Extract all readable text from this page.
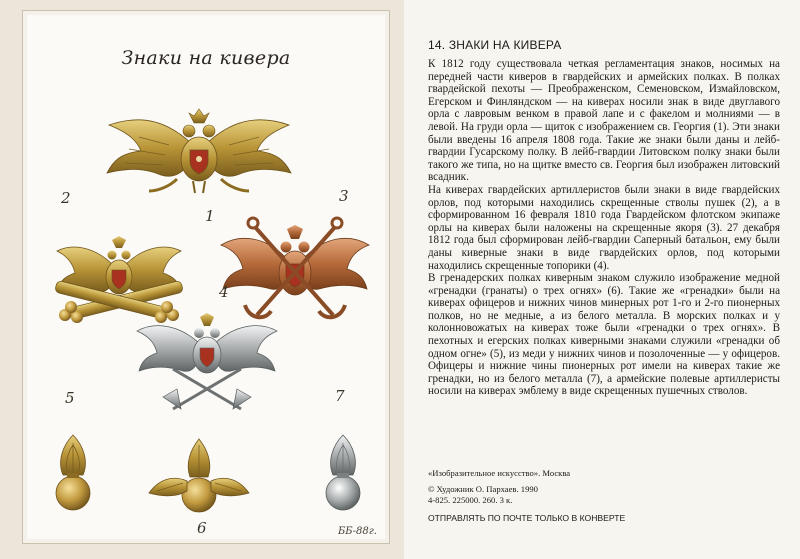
Знаки на кивера
1
2	3
4
5
6
7
ББ-88г.
14. ЗНАКИ НА КИВЕРА

К 1812 году существовала четкая регламентация знаков, носимых на передней части киверов в гвардейских и армейских полках. В полках гвардейской пехоты — Преображенском, Семеновском, Измайловском, Егерском и Финляндском — на киверах носили знак в виде двуглавого орла с лавровым венком в правой лапе и с факелом и молниями — в левой. На груди орла — щиток с изображением св. Георгия (1). Эти знаки были введены 16 апреля 1808 года. Такие же знаки были даны и лейб-гвардии Гусарскому полку. В лейб-гвардии Литовском полку знаки были такого же типа, но на щитке вместо св. Георгия был изображен литовский всадник.

На киверах гвардейских артиллеристов были знаки в виде гвардейских орлов, под которыми находились скрещенные стволы пушек (2), а в сформированном 16 февраля 1810 года Гвардейском флотском экипаже орлы на киверах были наложены на скрещенные якоря (3). 27 декабря 1812 года был сформирован лейб-гвардии Саперный батальон, ему были даны киверные знаки в виде гвардейских орлов, под которыми находились скрещенные топорики (4).

В гренадерских полках киверным знаком служило изображение медной «гренадки (гранаты) о трех огнях» (6). Такие же «гренадки» были на киверах офицеров и нижних чинов минерных рот 1-го и 2-го пионерных полков, но не медные, а из белого металла. В морских полках и у колонновожатых на киверах тоже были «гренадки о трех огнях». В пехотных и егерских полках киверными знаками служили «гренадки об одном огне» (5), из меди у нижних чинов и позолоченные — у офицеров. Офицеры и нижние чины пионерных рот имели на киверах такие же гренадки, но из белого металла (7), а армейские полевые артиллеристы носили на киверах эмблему в виде скрещенных пушечных стволов.

«Изобразительное искусство». Москва
© Художник О. Пархаев. 1990
4-825. 225000. 260. 3 к.
ОТПРАВЛЯТЬ ПО ПОЧТЕ ТОЛЬКО В КОНВЕРТЕ
